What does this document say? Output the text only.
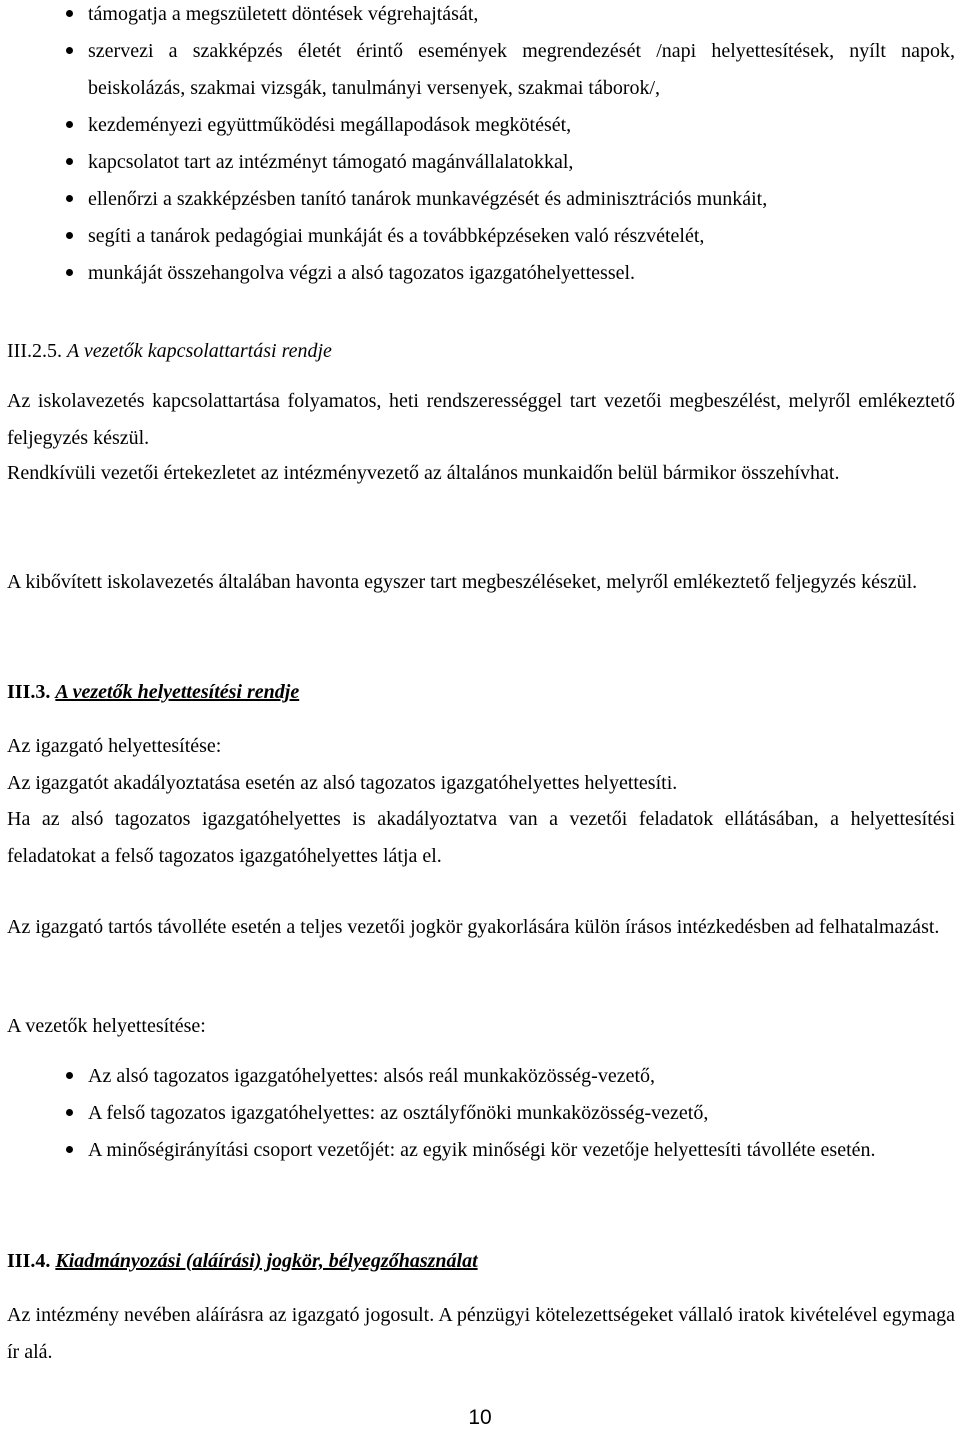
támogatja a megszületett döntések végrehajtását,
szervezi a szakképzés életét érintő események megrendezését /napi helyettesítések, nyílt napok, beiskolázás, szakmai vizsgák, tanulmányi versenyek, szakmai táborok/,
kezdeményezi együttműködési megállapodások megkötését,
kapcsolatot tart az intézményt támogató magánvállalatokkal,
ellenőrzi a szakképzésben tanító tanárok munkavégzését és adminisztrációs munkáit,
segíti a tanárok pedagógiai munkáját és a továbbképzéseken való részvételét,
munkáját összehangolva végzi a alsó tagozatos igazgatóhelyettessel.

III.2.5. A vezetők kapcsolattartási rendje

Az iskolavezetés kapcsolattartása folyamatos, heti rendszerességgel tart vezetői megbeszélést, melyről emlékeztető feljegyzés készül.

Rendkívüli vezetői értekezletet az intézményvezető az általános munkaidőn belül bármikor összehívhat.

A kibővített iskolavezetés általában havonta egyszer tart megbeszéléseket, melyről emlékeztető feljegyzés készül.

III.3. A vezetők helyettesítési rendje

Az igazgató helyettesítése:

Az igazgatót akadályoztatása esetén az alsó tagozatos igazgatóhelyettes helyettesíti.

Ha az alsó tagozatos igazgatóhelyettes is akadályoztatva van a vezetői feladatok ellátásában, a helyettesítési feladatokat a felső tagozatos igazgatóhelyettes látja el.

Az igazgató tartós távolléte esetén a teljes vezetői jogkör gyakorlására külön írásos intézkedésben ad felhatalmazást.

A vezetők helyettesítése:

Az alsó tagozatos igazgatóhelyettes: alsós reál munkaközösség-vezető,
A felső tagozatos igazgatóhelyettes: az osztályfőnöki munkaközösség-vezető,
A minőségirányítási csoport vezetőjét: az egyik minőségi kör vezetője helyettesíti távolléte esetén.

III.4. Kiadmányozási (aláírási) jogkör, bélyegzőhasználat

Az intézmény nevében aláírásra az igazgató jogosult. A pénzügyi kötelezettségeket vállaló iratok kivételével egymaga ír alá.

10
